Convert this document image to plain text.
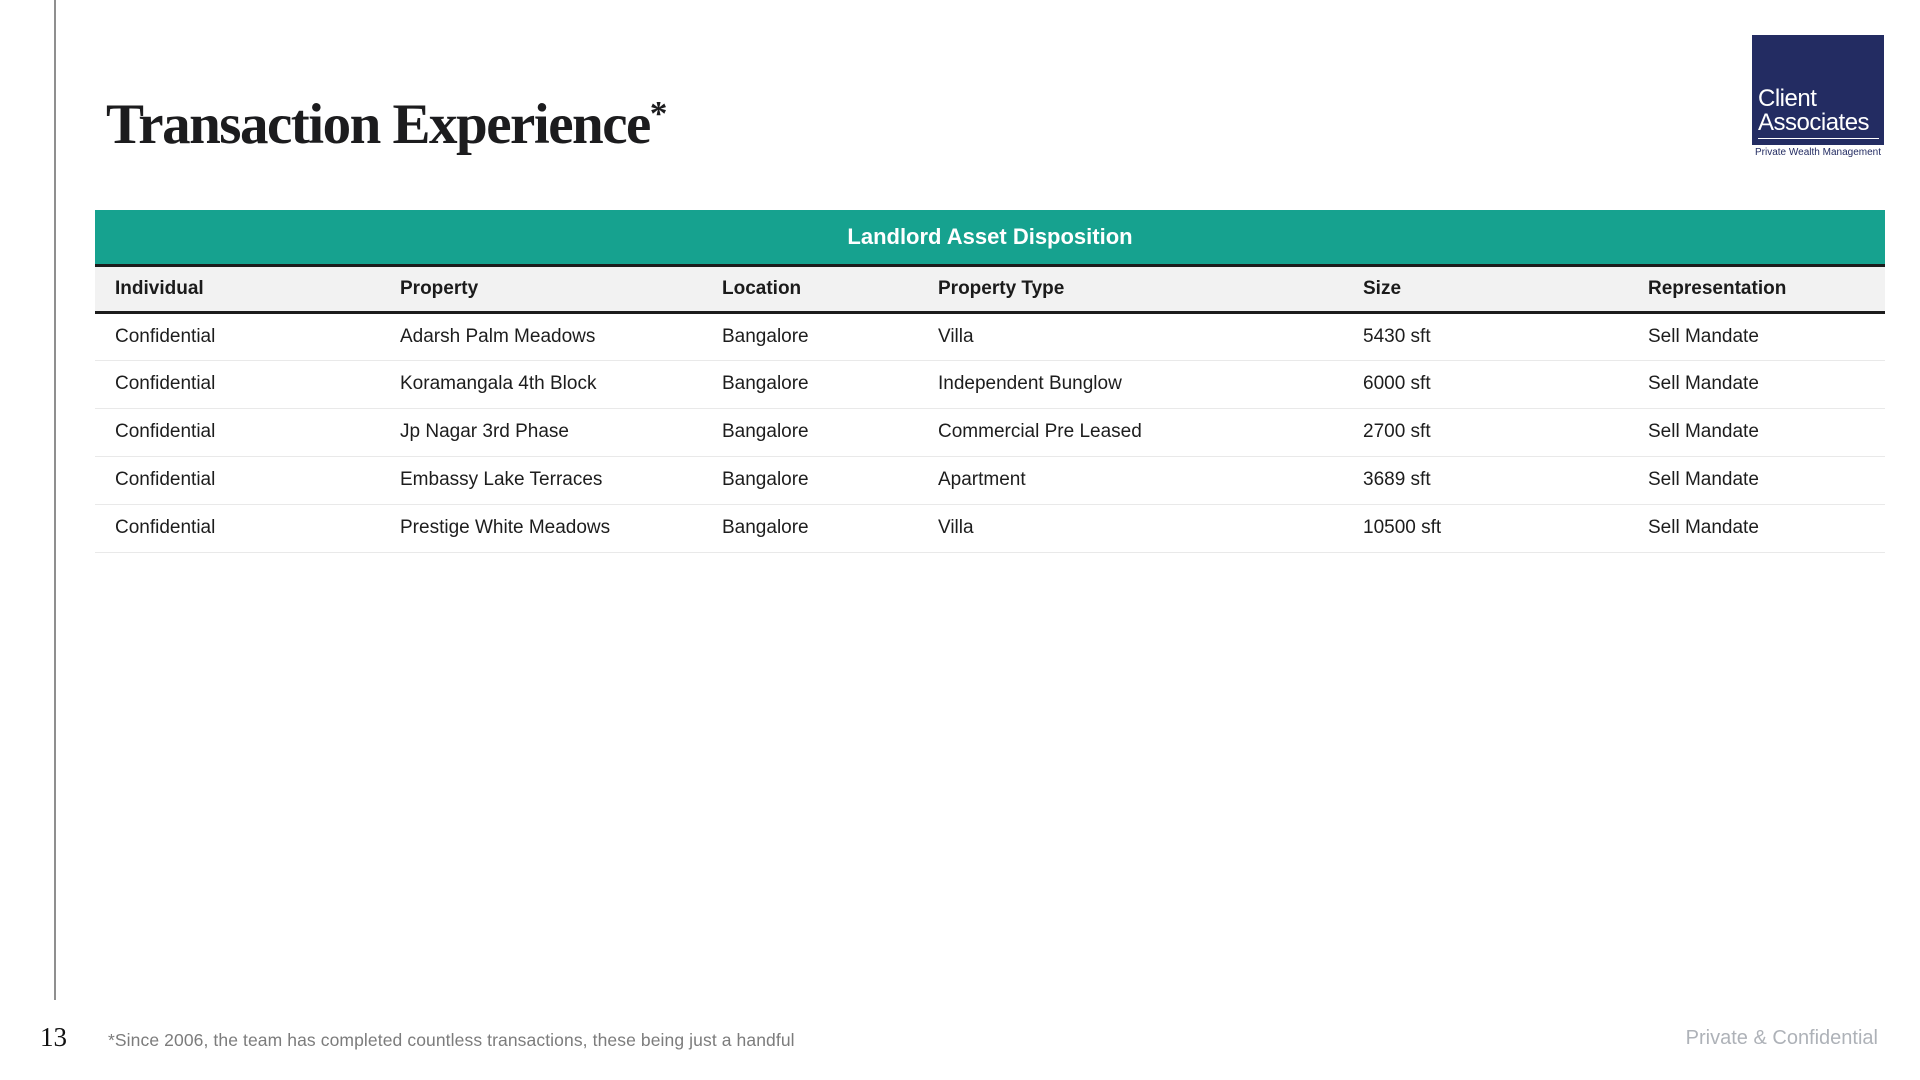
Transaction Experience*	Client
Associates
Private Wealth Management
Landlord Asset Disposition
Individual	Property	Location	Property Type	Size	Representation
Confidential	Adarsh Palm Meadows	Bangalore	Villa	5430 sft	Sell Mandate
Confidential	Koramangala 4th Block	Bangalore	Independent Bunglow	6000 sft	Sell Mandate
Confidential	Jp Nagar 3rd Phase	Bangalore	Commercial Pre Leased	2700 sft	Sell Mandate
Confidential	Embassy Lake Terraces	Bangalore	Apartment	3689 sft	Sell Mandate
Confidential	Prestige White Meadows	Bangalore	Villa	10500 sft	Sell Mandate
13 *Since 2006, the team has completed countless transactions, these being just a handful	Private & Confidential
